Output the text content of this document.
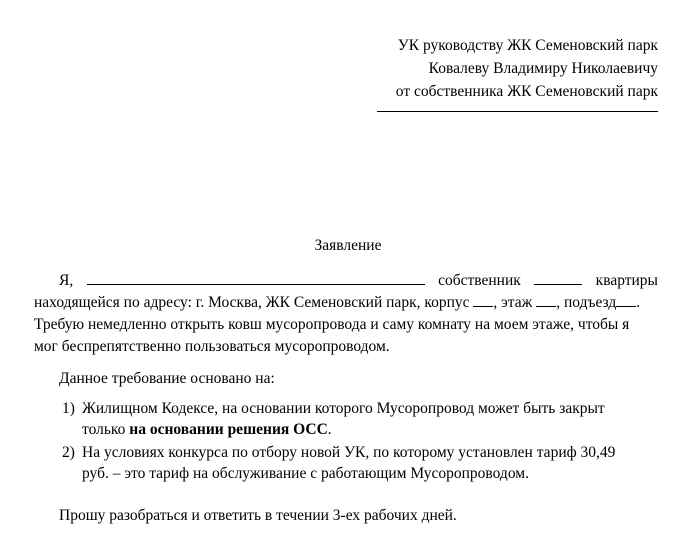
УК руководству ЖК Семеновский парк
Ковалеву Владимиру Николаевичу
от собственника ЖК Семеновский парк
Заявление
Я,	собственник	квартиры
находящейся по адресу: г. Москва, ЖК Семеновский парк, корпус
, этаж
, подъезд .
Требую немедленно открыть ковш мусоропровода и саму комнату на моем этаже, чтобы я
мог беспрепятственно пользоваться мусоропроводом.
Данное требование основано на:
1) Жилищном Кодексе, на основании которого Мусоропровод может быть закрыт
только на основании решения ОСС.
2) На условиях конкурса по отбору новой УК, по которому установлен тариф 30,49
руб. – это тариф на обслуживание с работающим Мусоропроводом.
Прошу разобраться и ответить в течении 3-ех рабочих дней.
